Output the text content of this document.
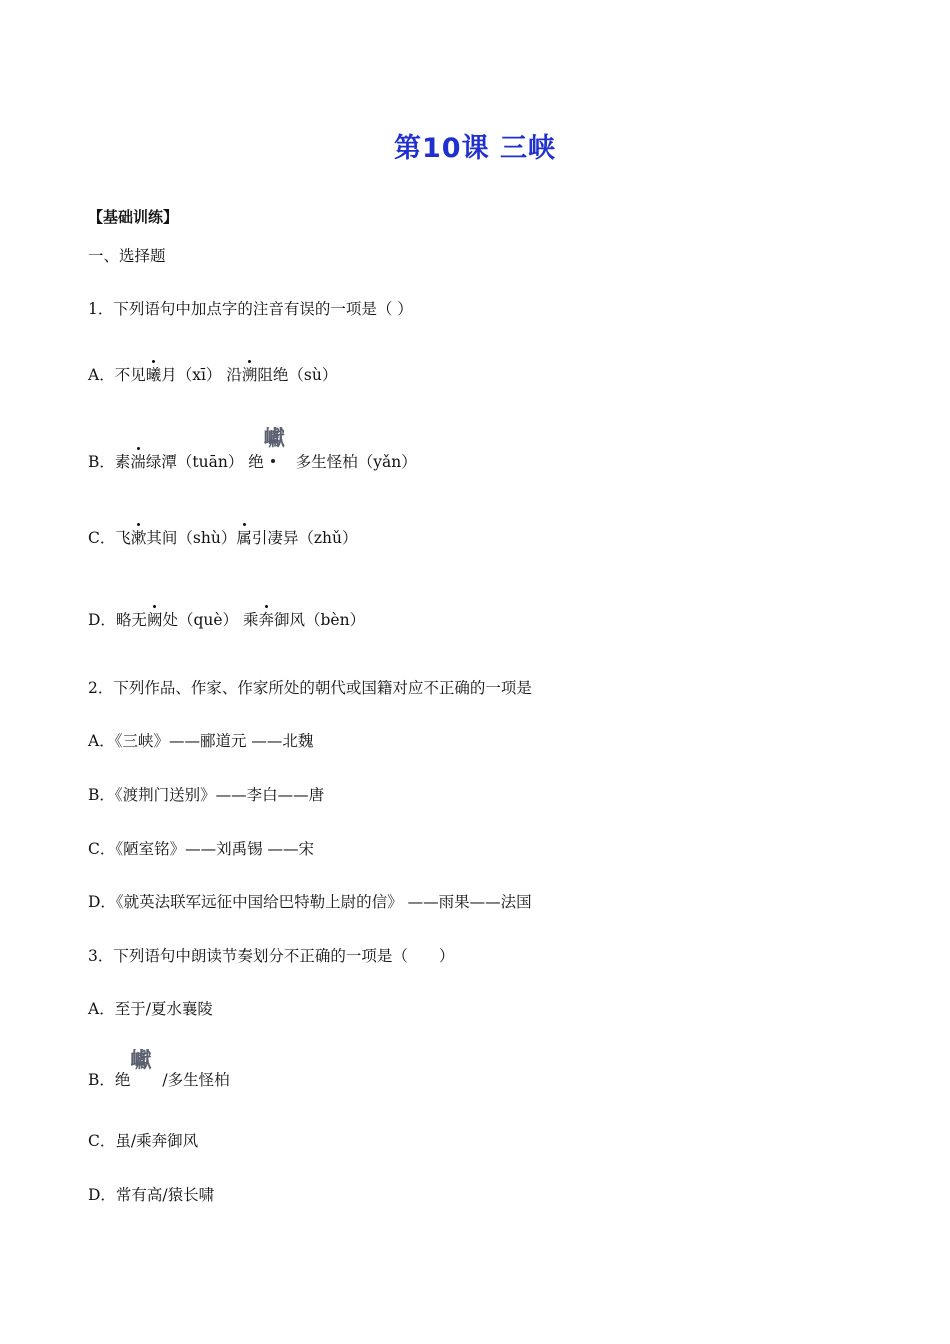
第10课 三峡
【基础训练】
一、选择题
1．下列语句中加点字的注音有误的一项是（ ）
A．不见曦月（xī） 沿溯阻绝（sù）
B．素湍绿潭（tuān） 绝
巘
多生怪柏（yǎn）
C．飞漱其间（shù）属引凄异（zhǔ）
D．略无阙处（què） 乘奔御风（bèn）
2．下列作品、作家、作家所处的朝代或国籍对应不正确的一项是
A．《三峡》——郦道元 ——北魏
B．《渡荆门送别》——李白——唐
C．《陋室铭》——刘禹锡 ——宋
D．《就英法联军远征中国给巴特勒上尉的信》 ——雨果——法国
3．下列语句中朗读节奏划分不正确的一项是（　　）
A．至于/夏水襄陵
B．绝
巘
/多生怪柏
C．虽/乘奔御风
D．常有高/猿长啸
